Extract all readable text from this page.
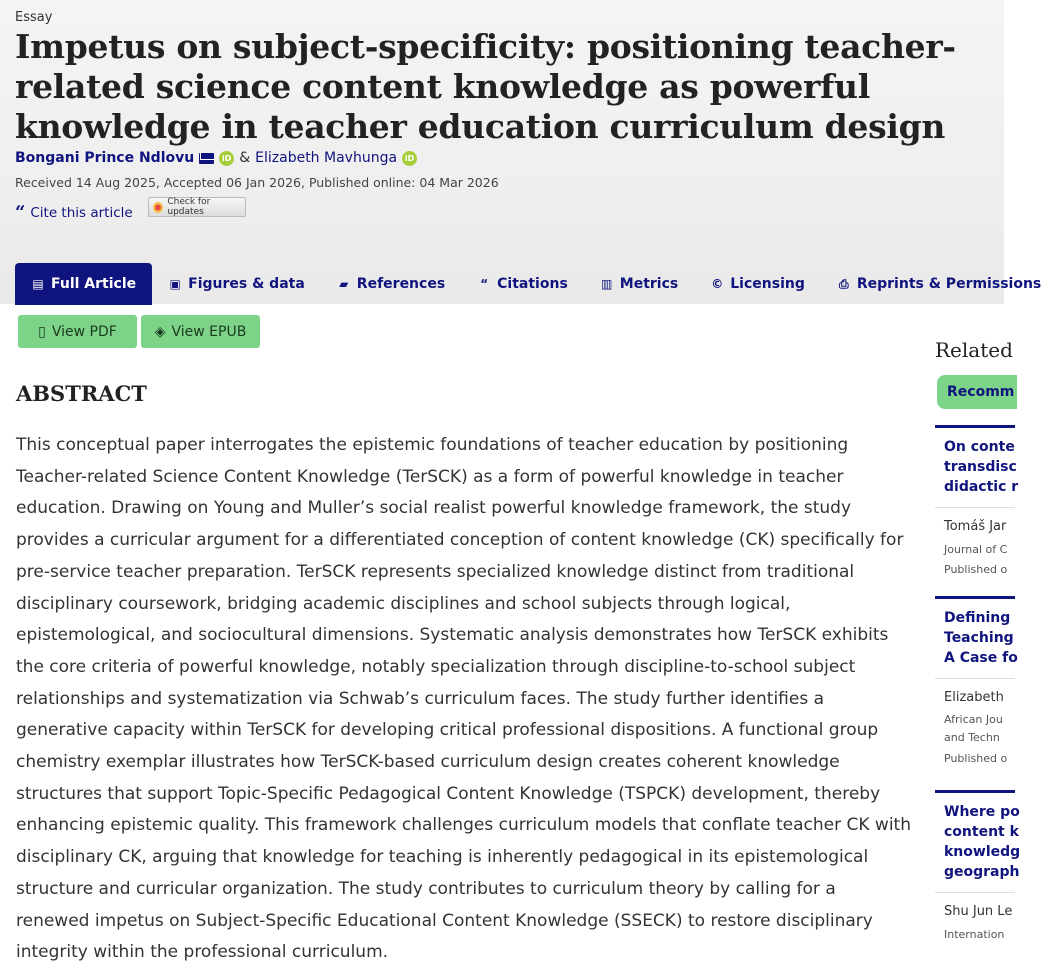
Essay
Impetus on subject-specificity: positioning teacher-related science content knowledge as powerful knowledge in teacher education curriculum design
Bongani Prince Ndlovu	iD & Elizabeth Mavhunga iD
Received 14 Aug 2025, Accepted 06 Jan 2026, Published online: 04 Mar 2026
“ Cite this article
Check for updates
▤ Full Article	▣ Figures & data	▰ References	“ Citations	▥ Metrics	© Licensing	⎙ Reprints & Permissions
▯ View PDF	◈ View EPUB
ABSTRACT

This conceptual paper interrogates the epistemic foundations of teacher education by positioning Teacher-related Science Content Knowledge (TerSCK) as a form of powerful knowledge in teacher education. Drawing on Young and Muller’s social realist powerful knowledge framework, the study provides a curricular argument for a differentiated conception of content knowledge (CK) specifically for pre-service teacher preparation. TerSCK represents specialized knowledge distinct from traditional disciplinary coursework, bridging academic disciplines and school subjects through logical, epistemological, and sociocultural dimensions. Systematic analysis demonstrates how TerSCK exhibits the core criteria of powerful knowledge, notably specialization through discipline-to-school subject relationships and systematization via Schwab’s curriculum faces. The study further identifies a generative capacity within TerSCK for developing critical professional dispositions. A functional group chemistry exemplar illustrates how TerSCK-based curriculum design creates coherent knowledge structures that support Topic-Specific Pedagogical Content Knowledge (TSPCK) development, thereby enhancing epistemic quality. This framework challenges curriculum models that conflate teacher CK with disciplinary CK, arguing that knowledge for teaching is inherently pedagogical in its epistemological structure and curricular organization. The study contributes to curriculum theory by calling for a renewed impetus on Subject-Specific Educational Content Knowledge (SSECK) to restore disciplinary integrity within the professional curriculum.

Related
Recomm
On conte
transdisc
didactic r
Tomáš Jar
Journal of C
Published o
Defining
Teaching
A Case fo
Elizabeth
African Jou
and Techn
Published o
Where po
content k
knowledg
geograph
Shu Jun Le
Internation
